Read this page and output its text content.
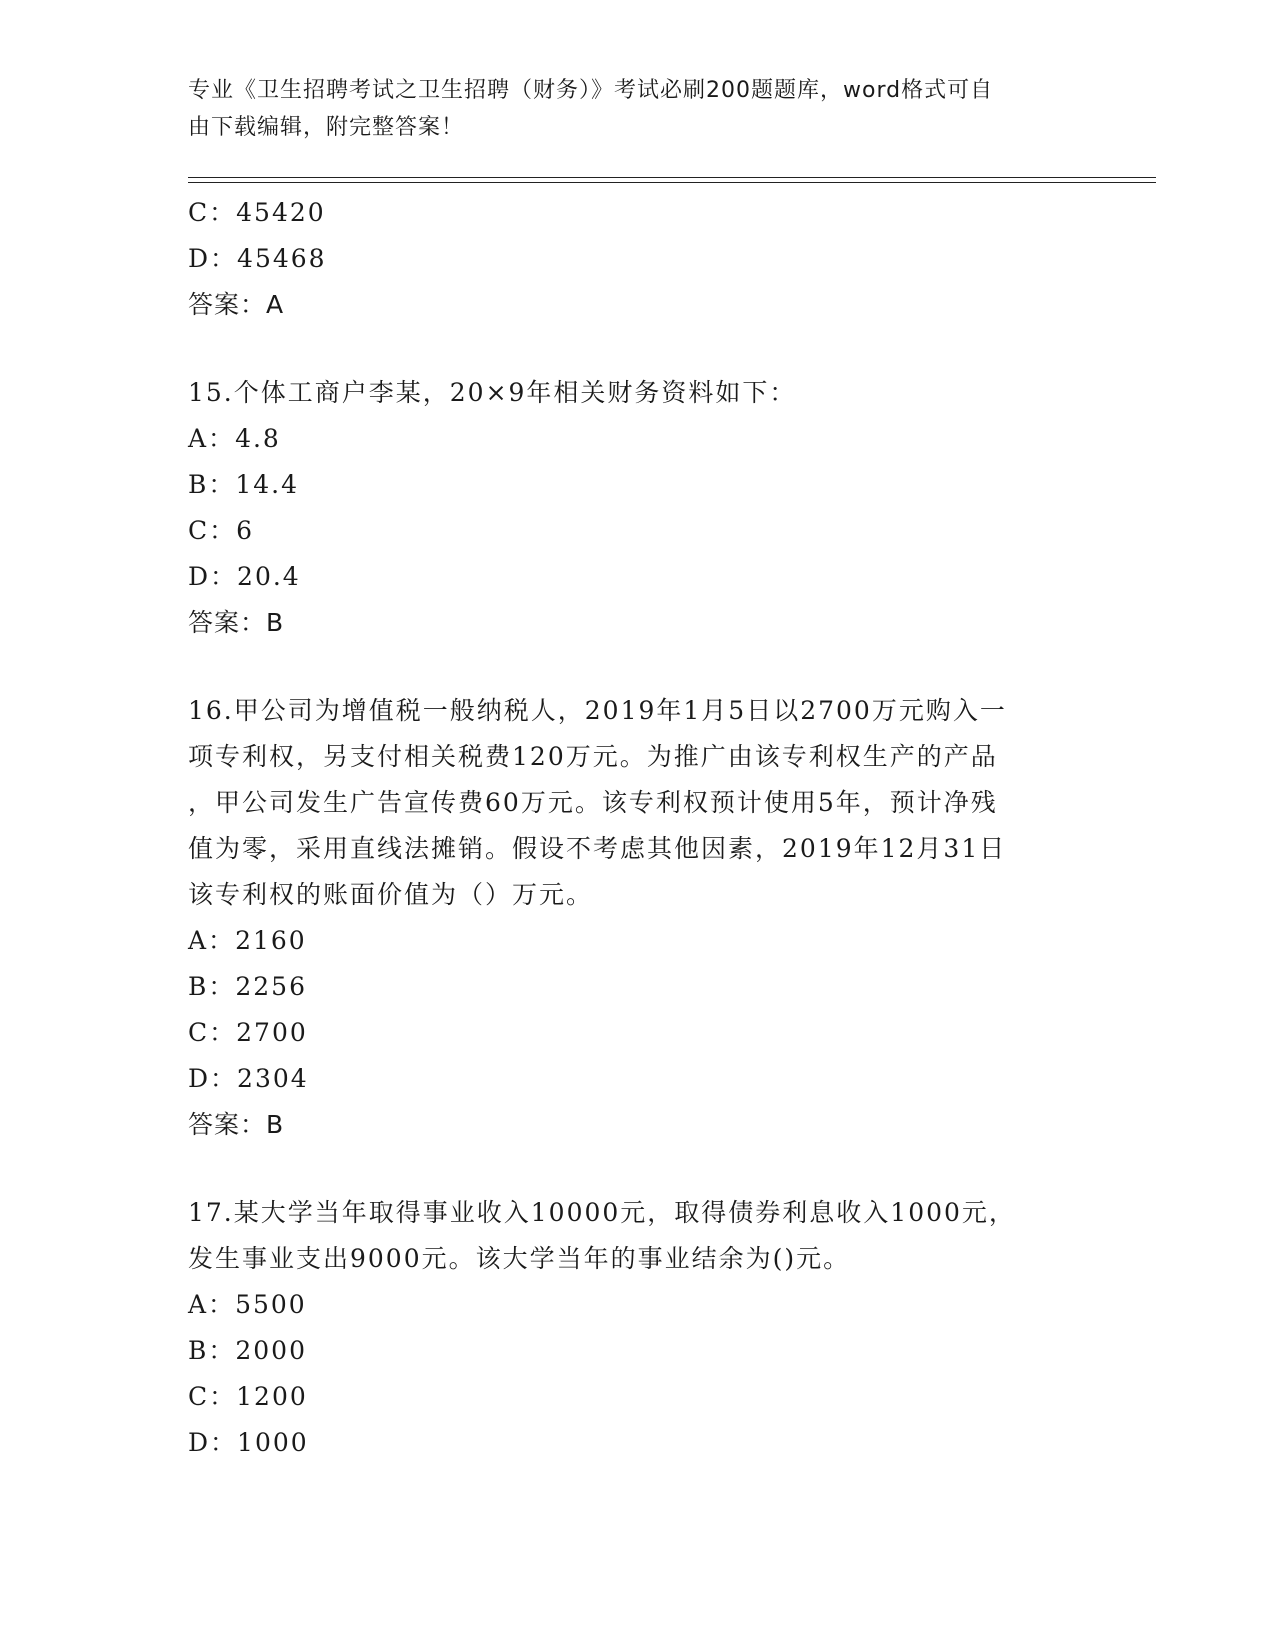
专业《卫生招聘考试之卫生招聘（财务）》考试必刷200题题库，word格式可自
由下载编辑，附完整答案！
C：45420
D：45468
答案：A
15.个体工商户李某，20×9年相关财务资料如下：
A：4.8
B：14.4
C：6
D：20.4
答案：B
16.甲公司为增值税一般纳税人，2019年1月5日以2700万元购入一
项专利权，另支付相关税费120万元。为推广由该专利权生产的产品
，甲公司发生广告宣传费60万元。该专利权预计使用5年，预计净残
值为零，采用直线法摊销。假设不考虑其他因素，2019年12月31日
该专利权的账面价值为（）万元。
A：2160
B：2256
C：2700
D：2304
答案：B
17.某大学当年取得事业收入10000元，取得债券利息收入1000元，
发生事业支出9000元。该大学当年的事业结余为()元。
A：5500
B：2000
C：1200
D：1000
